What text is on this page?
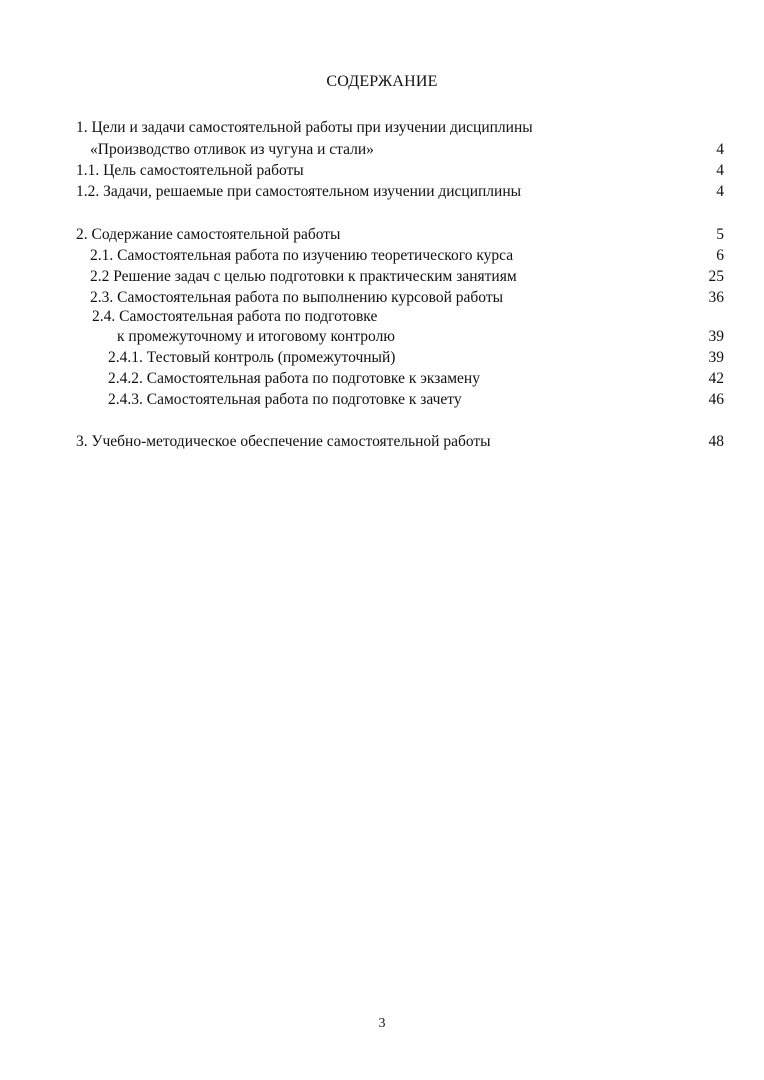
СОДЕРЖАНИЕ
1. Цели и задачи самостоятельной работы при изучении дисциплины
«Производство отливок из чугуна и стали»	4
1.1. Цель самостоятельной работы	4
1.2. Задачи, решаемые при самостоятельном изучении дисциплины	4
2. Содержание самостоятельной работы	5
2.1. Самостоятельная работа по изучению теоретического курса	6
2.2 Решение задач с целью подготовки к практическим занятиям	25
2.3. Самостоятельная работа по выполнению курсовой работы	36
2.4. Самостоятельная работа по подготовке
к промежуточному и итоговому контролю	39
2.4.1. Тестовый контроль (промежуточный)	39
2.4.2. Самостоятельная работа по подготовке к экзамену	42
2.4.3. Самостоятельная работа по подготовке к зачету	46
3. Учебно-методическое обеспечение самостоятельной работы	48
3
